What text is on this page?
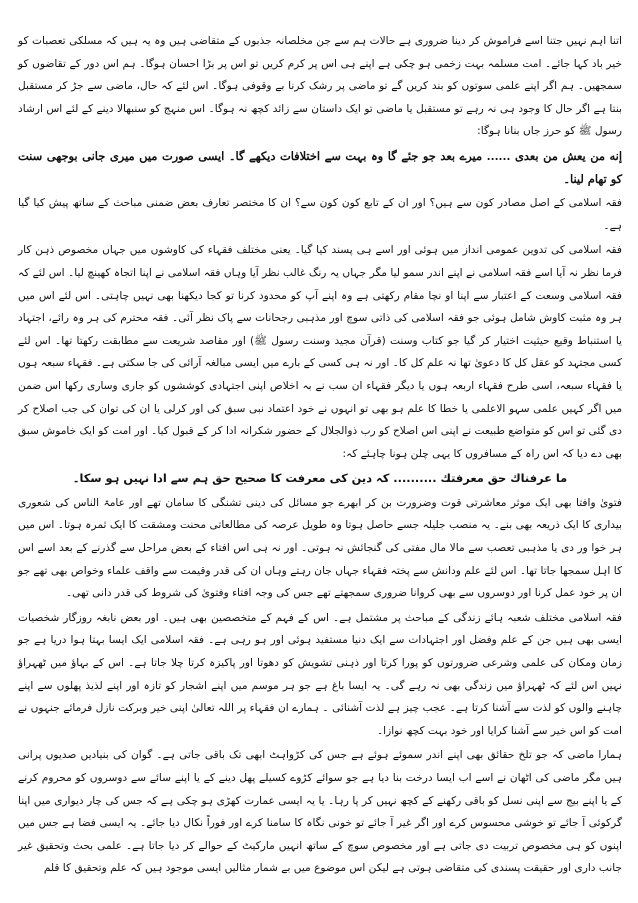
اتنا اہم نہیں جتنا اسے فراموش کر دینا ضروری ہے حالات ہم سے جن مخلصانہ جذبوں کے متقاضی ہیں وہ یہ ہیں کہ مسلکی تعصبات کو خیر باد کہا جائے۔ امت مسلمہ بہت زخمی ہو چکی ہے اپنے ہی اس پر کرم کریں تو اس پر بڑا احسان ہوگا۔ ہم اس دور کے تقاضوں کو سمجھیں۔ ہم اگر اپنے علمی سوتوں کو بند کریں گے تو ماضی پر رشک کرنا بے وقوفی ہوگا۔ اس لئے کہ حال، ماضی سے جڑ کر مستقبل بنتا ہے اگر حال کا وجود ہی نہ رہے تو مستقبل یا ماضی تو ایک داستان سے زائد کچھ نہ ہوگا۔ اس منہج کو سنبھالا دینے کے لئے اس ارشاد رسول ﷺ کو حرز جاں بنانا ہوگا:
إنه من يعش من بعدى ...... میرے بعد جو جئے گا وہ بہت سے اختلافات دیکھے گا۔ ایسی صورت میں میری جانی بوجھی سنت کو تھام لینا۔
فقہ اسلامی کے اصل مصادر کون سے ہیں؟ اور ان کے تابع کون کون سے؟ ان کا مختصر تعارف بعض ضمنی مباحث کے ساتھ پیش کیا گیا ہے۔
فقہ اسلامی کی تدوین عمومی انداز میں ہوئی اور اسے ہی پسند کیا گیا۔ یعنی مختلف فقہاء کی کاوشوں میں جہاں مخصوص ذہن کار فرما نظر نہ آیا اسے فقہ اسلامی نے اپنے اندر سمو لیا مگر جہاں یہ رنگ غالب نظر آیا وہاں فقہ اسلامی نے اپنا اتجاہ کھینچ لیا۔ اس لئے کہ فقہ اسلامی وسعت کے اعتبار سے اپنا او نچا مقام رکھتی ہے وہ اپنے آپ کو محدود کرنا تو کجا دیکھنا بھی نہیں چاہتی۔ اس لئے اس میں ہر وہ مثبت کاوش شامل ہوئی جو فقہ اسلامی کی ذاتی سوچ اور مذہبی رجحانات سے پاک نظر آئی۔ فقہ محترم کی ہر وہ رائے، اجتہاد یا استنباط وقیع حیثیت اختیار کر گیا جو کتاب وسنت (قرآن مجید وسنت رسول ﷺ) اور مقاصد شریعت سے مطابقت رکھتا تھا۔ اس لئے کسی مجتہد کو عقل کل کا دعویٰ تھا نہ علم کل کا۔ اور نہ ہی کسی کے بارے میں ایسی مبالغہ آرائی کی جا سکتی ہے۔ فقہاء سبعہ ہوں یا فقہاء سبعہ، اسی طرح فقہاء اربعہ ہوں یا دیگر فقہاء ان سب نے بہ اخلاص اپنی اجتہادی کوششوں کو جاری وساری رکھا اس ضمن میں اگر کہیں علمی سہو الاعلمی یا خطا کا علم ہو بھی تو انہوں نے خود اعتماد نبی سبق کی اور کرلی یا ان کی توان کی جب اصلاح کر دی گئی تو اس کو متواضع طبیعت نے اپنی اس اصلاح کو رب ذوالجلال کے حضور شکرانہ ادا کر کے قبول کیا۔ اور امت کو ایک خاموش سبق بھی دے دیا کہ اس راہ کے مسافروں کا یہی چلن ہونا چاہئے کہ:
ما عرفناك حق معرفتك .......... کہ دین کی معرفت کا صحیح حق ہم سے ادا نہیں ہو سکا۔
فتویٰ وافتا بھی ایک موثر معاشرتی قوت وضرورت بن کر ابھرے جو مسائل کی دینی تشنگی کا سامان تھے اور عامۃ الناس کی شعوری بیداری کا ایک ذریعہ بھی بنے۔ یہ منصب جلیلہ جسے حاصل ہوتا وہ طویل عرصہ کی مطالعاتی محنت ومشقت کا ایک ثمرہ ہوتا۔ اس میں ہر خوا ور دی یا مذہبی تعصب سے مالا مال مفتی کی گنجائش نہ ہوتی۔ اور نہ ہی اس افتاء کے بعض مراحل سے گذرنے کے بعد اسے اس کا اہل سمجھا جاتا تھا۔ اس لئے علم ودانش سے پختہ فقہاء جہاں جان رہتے وہاں ان کی قدر وقیمت سے واقف علماء وخواص بھی تھے جو ان پر خود عمل کرنا اور دوسروں سے بھی کروانا ضروری سمجھتے تھے جس کی وجہ افتاء وفتویٰ کی شروط کی قدر دانی تھی۔
فقہ اسلامی مختلف شعبہ ہائے زندگی کے مباحث پر مشتمل ہے۔ اس کے فہم کے متخصصین بھی ہیں۔ اور بعض نابغہ روزگار شخصیات ایسی بھی ہیں جن کے علم وفضل اور اجتہادات سے ایک دنیا مستفید ہوئی اور ہو رہی ہے۔ فقہ اسلامی ایک ایسا بہتا ہوا دریا ہے جو زمان ومکان کی علمی وشرعی ضرورتوں کو پورا کرتا اور ذہنی تشویش کو دھوتا اور پاکیزہ کرتا چلا جاتا ہے۔ اس کے بہاؤ میں ٹھہراؤ نہیں اس لئے کہ ٹھہراؤ میں زندگی بھی نہ رہے گی۔ یہ ایسا باغ ہے جو ہر موسم میں اپنے اشجار کو تازہ اور اپنے لذیذ پھلوں سے اپنے چاہنے والوں کو لذت سے آشنا کرتا ہے۔ عجب چیز ہے لذت آشنائی ۔ ہمارے ان فقہاء پر اللہ تعالیٰ اپنی خیر وبرکت نازل فرمائے جنہوں نے امت کو اس خیر سے آشنا کرایا اور خود بہت کچھ نوازا۔
ہمارا ماضی کہ جو تلخ حقائق بھی اپنے اندر سموئے ہوئے ہے جس کی کڑواہٹ ابھی تک باقی جاتی ہے۔ گوان کی بنیادیں صدیوں پرانی ہیں مگر ماضی کی اٹھان نے اسے اب ایسا درخت بنا دیا ہے جو سوائے کڑوے کسیلے پھل دینے کے یا اپنے سائے سے دوسروں کو محروم کرنے کے یا اپنے بیج سے اپنی نسل کو باقی رکھنے کے کچھ نہیں کر پا رہا۔ یا یہ ایسی عمارت کھڑی ہو چکی ہے کہ جس کی چار دیواری میں اپنا گرکوئی آ جائے تو خوشی محسوس کرے اور اگر غیر آ جائے تو خونی نگاہ کا سامنا کرے اور فوراً نکال دیا جائے۔ یہ ایسی فضا ہے جس میں اپنوں کو ہی مخصوص تربیت دی جاتی ہے اور مخصوص سوچ کے ساتھ انہیں مارکیٹ کے حوالے کر دیا جاتا ہے۔ علمی بحث وتحقیق غیر جانب داری اور حقیقت پسندی کی متقاضی ہوتی ہے لیکن اس موضوع میں بے شمار مثالیں ایسی موجود ہیں کہ علم وتحقیق کا قلم
